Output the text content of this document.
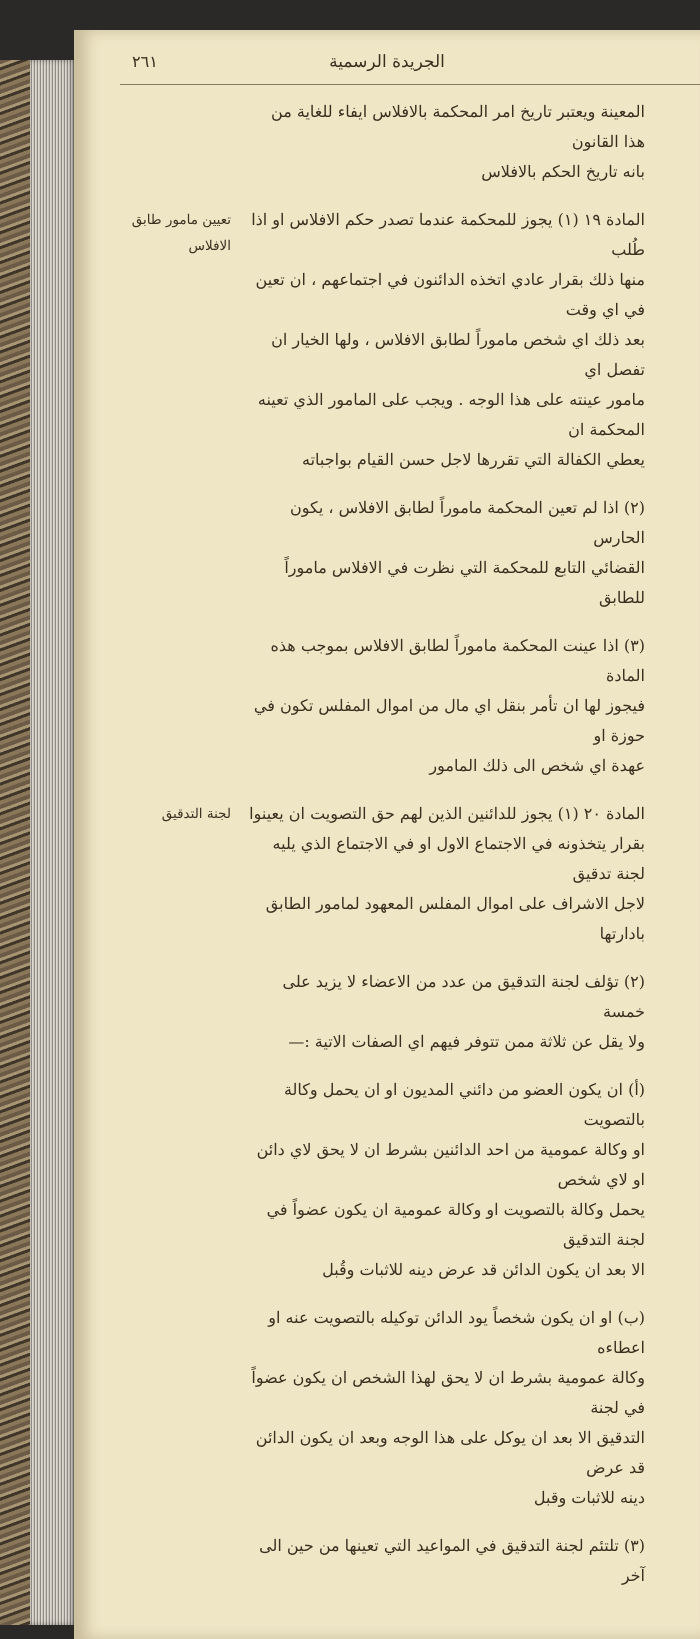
الجريدة الرسمية
٢٦١
المعينة ويعتبر تاريخ امر المحكمة بالافلاس ايفاء للغاية من هذا القانون
بانه تاريخ الحكم بالافلاس
المادة ١٩ (١) يجوز للمحكمة عندما تصدر حكم الافلاس او اذا طُلب
منها ذلك بقرار عادي اتخذه الدائنون في اجتماعهم ، ان تعين في اي وقت
بعد ذلك اي شخص ماموراً لطابق الافلاس ، ولها الخيار ان تفصل اي
مامور عينته على هذا الوجه . ويجب على المامور الذي تعينه المحكمة ان
يعطي الكفالة التي تقررها لاجل حسن القيام بواجباته
تعيين مامور طابق الافلاس
(٢) اذا لم تعين المحكمة ماموراً لطابق الافلاس ، يكون الحارس
القضائي التابع للمحكمة التي نظرت في الافلاس ماموراً للطابق
(٣) اذا عينت المحكمة ماموراً لطابق الافلاس بموجب هذه المادة
فيجوز لها ان تأمر بنقل اي مال من اموال المفلس تكون في حوزة او
عهدة اي شخص الى ذلك المامور
المادة ٢٠ (١) يجوز للدائنين الذين لهم حق التصويت ان يعينوا
بقرار يتخذونه في الاجتماع الاول او في الاجتماع الذي يليه لجنة تدقيق
لاجل الاشراف على اموال المفلس المعهود لمامور الطابق بادارتها
لجنة التدقيق
(٢) تؤلف لجنة التدقيق من عدد من الاعضاء لا يزيد على خمسة
ولا يقل عن ثلاثة ممن تتوفر فيهم اي الصفات الاتية :—
(أ) ان يكون العضو من دائني المديون او ان يحمل وكالة بالتصويت
او وكالة عمومية من احد الدائنين بشرط ان لا يحق لاي دائن او لاي شخص
يحمل وكالة بالتصويت او وكالة عمومية ان يكون عضواً في لجنة التدقيق
الا بعد ان يكون الدائن قد عرض دينه للاثبات وقُبل
(ب) او ان يكون شخصاً يود الدائن توكيله بالتصويت عنه او اعطاءه
وكالة عمومية بشرط ان لا يحق لهذا الشخص ان يكون عضواً في لجنة
التدقيق الا بعد ان يوكل على هذا الوجه وبعد ان يكون الدائن قد عرض
دينه للاثبات وقبل
(٣) تلتئم لجنة التدقيق في المواعيد التي تعينها من حين الى آخر
